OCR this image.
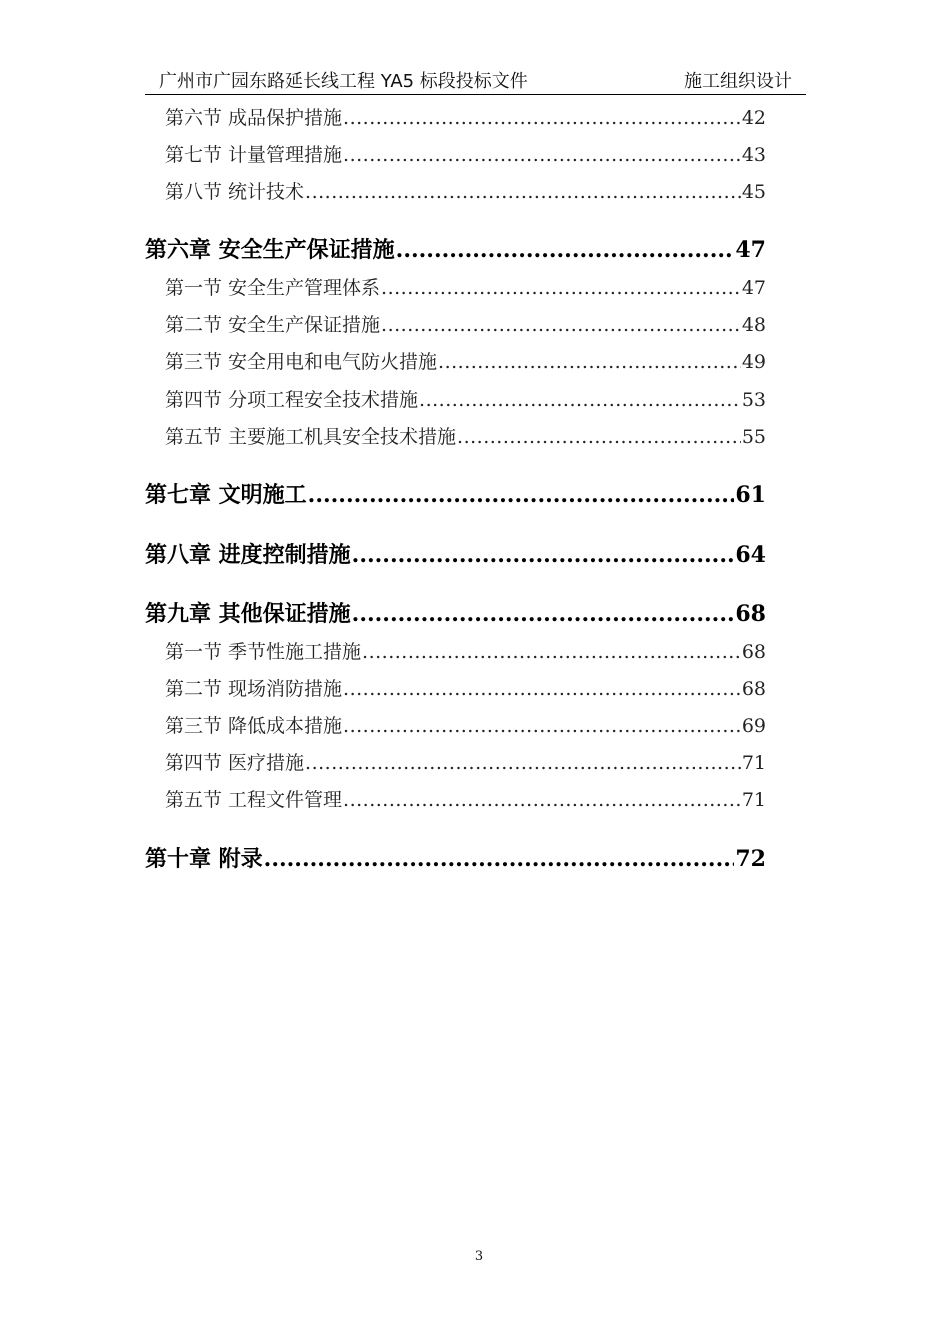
广州市广园东路延长线工程 YA5 标段投标文件	施工组织设计
第六节 成品保护措施 .....	42
第七节 计量管理措施 .....	43
第八节 统计技术 .....	45
第六章 安全生产保证措施 .....	47
第一节 安全生产管理体系 .....	47
第二节 安全生产保证措施 .....	48
第三节 安全用电和电气防火措施 .....	49
第四节 分项工程安全技术措施 .....	53
第五节 主要施工机具安全技术措施 .....	55
第七章 文明施工 .....	61
第八章 进度控制措施 .....	64
第九章 其他保证措施 .....	68
第一节 季节性施工措施 .....	68
第二节 现场消防措施 .....	68
第三节 降低成本措施 .....	69
第四节 医疗措施 .....	71
第五节 工程文件管理 .....	71
第十章 附录 .....	72
3
